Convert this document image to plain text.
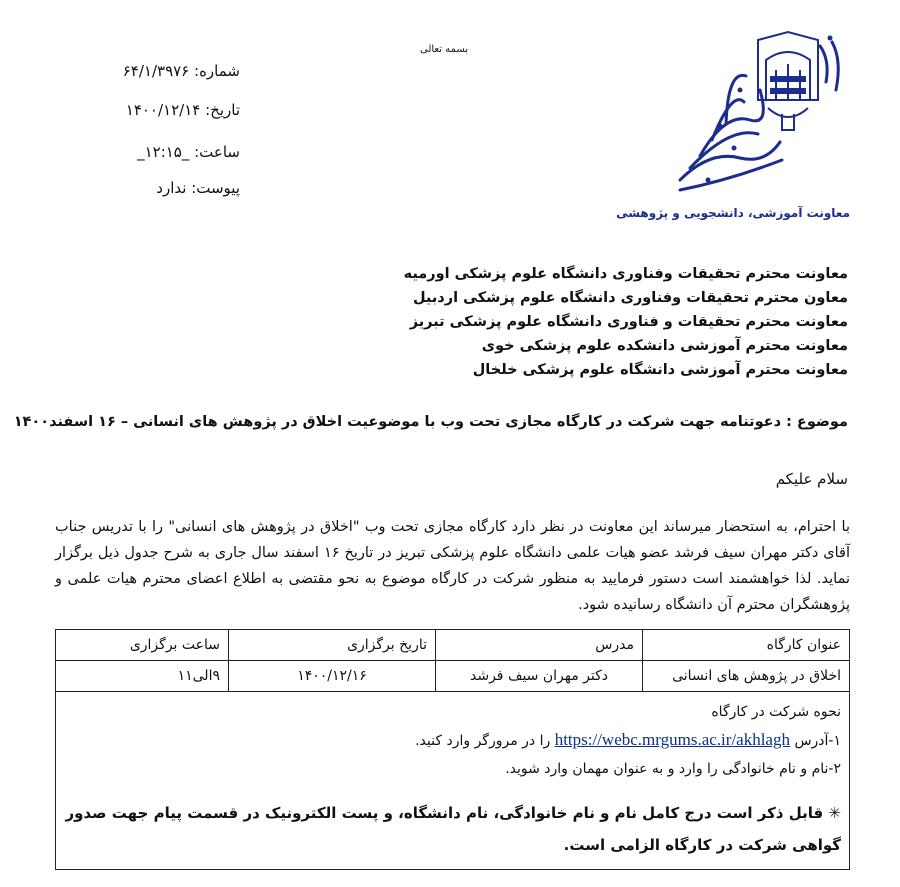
معاونت آموزشی، دانشجویی و پژوهشی
بسمه تعالی
شماره: ۶۴/۱/۳۹۷۶
تاریخ: ۱۴۰۰/۱۲/۱۴
ساعت: _۱۲:۱۵_
پیوست: ندارد
معاونت محترم تحقیقات وفناوری دانشگاه علوم پزشکی اورمیه
معاون محترم تحقیقات وفناوری دانشگاه علوم پزشکی اردبیل
معاونت محترم تحقیقات و فناوری دانشگاه علوم پزشکی تبریز
معاونت محترم آموزشی دانشکده علوم پزشکی خوی
معاونت محترم آموزشی دانشگاه علوم پزشکی خلخال
موضوع : دعوتنامه جهت شرکت در کارگاه مجازی تحت وب با موضوعیت اخلاق در پژوهش های انسانی – ۱۶ اسفند۱۴۰۰
سلام علیکم
با احترام، به استحضار میرساند این معاونت در نظر دارد کارگاه مجازی تحت وب "اخلاق در پژوهش های انسانی" را با تدریس جناب آقای دکتر مهران سیف فرشد عضو هیات علمی دانشگاه علوم پزشکی تبریز در تاریخ ۱۶ اسفند سال جاری به شرح جدول ذیل برگزار نماید. لذا خواهشمند است دستور فرمایید به منظور شرکت در کارگاه موضوع به نحو مقتضی به اطلاع اعضای محترم هیات علمی و پژوهشگران محترم آن دانشگاه رسانیده شود.
عنوان کارگاه	مدرس	تاریخ برگزاری	ساعت برگزاری
اخلاق در پژوهش های انسانی	دکتر مهران سیف فرشد	۱۴۰۰/۱۲/۱۶	۹الی۱۱

نحوه شرکت در کارگاه
۱-آدرس https://webc.mrgums.ac.ir/akhlagh را در مرورگر وارد کنید.
۲-نام و نام خانوادگی را وارد و به عنوان مهمان وارد شوید.
✳ قابل ذکر است درج کامل نام و نام خانوادگی، نام دانشگاه، و پست الکترونیک در قسمت پیام جهت صدور گواهی شرکت در کارگاه الزامی است.			
